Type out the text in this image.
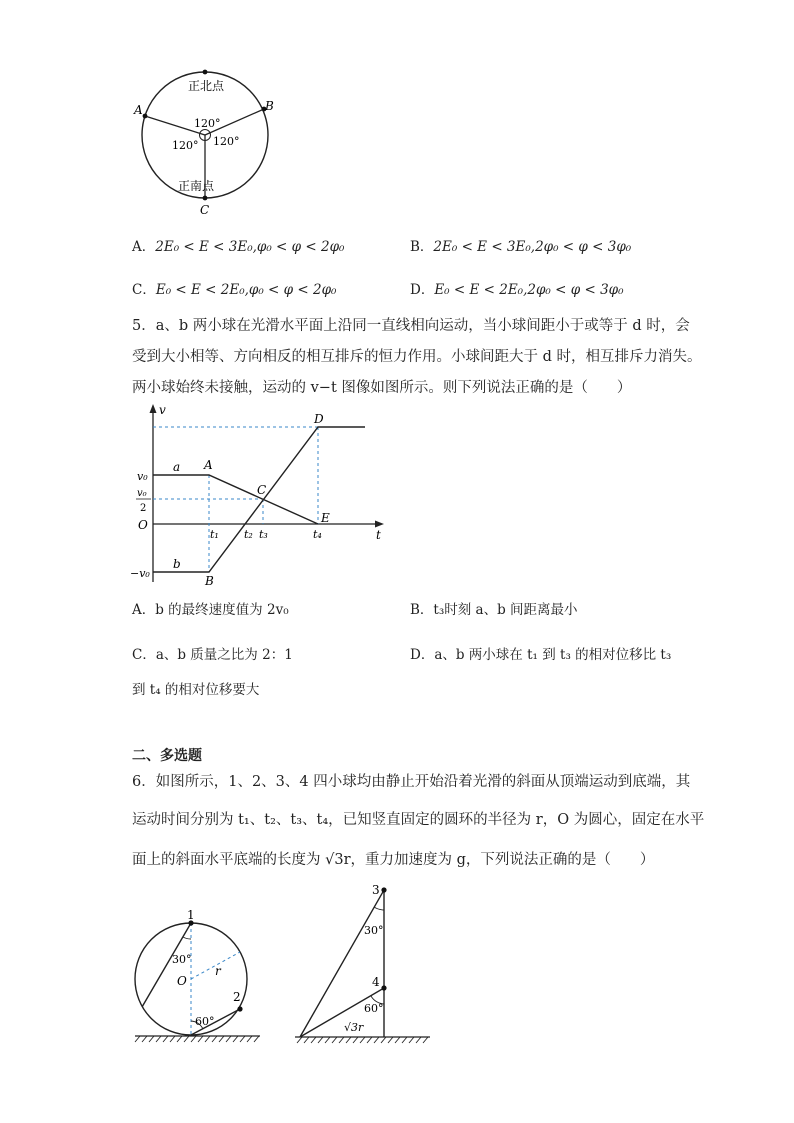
正北点
正南点
A	B
C
120°
120° 120°
A．2E₀ < E < 3E₀,φ₀ < φ < 2φ₀	B．2E₀ < E < 3E₀,2φ₀ < φ < 3φ₀
C．E₀ < E < 2E₀,φ₀ < φ < 2φ₀	D．E₀ < E < 2E₀,2φ₀ < φ < 3φ₀
5．a、b 两小球在光滑水平面上沿同一直线相向运动，当小球间距小于或等于 d 时，会
受到大小相等、方向相反的相互排斥的恒力作用。小球间距大于 d 时，相互排斥力消失。
两小球始终未接触，运动的 v−t 图像如图所示。则下列说法正确的是（　　）
v
t
O
v₀
v₀
2
−v₀
a
b
A
B
C
D
E
t₁ t₂ t₃	t₄
A．b 的最终速度值为 2v₀	B．t₃时刻 a、b 间距离最小
C．a、b 质量之比为 2：1	D．a、b 两小球在 t₁ 到 t₃ 的相对位移比 t₃
到 t₄ 的相对位移要大
二、多选题
6．如图所示，1、2、3、4 四小球均由静止开始沿着光滑的斜面从顶端运动到底端，其
运动时间分别为 t₁、t₂、t₃、t₄，已知竖直固定的圆环的半径为 r，O 为圆心，固定在水平
面上的斜面水平底端的长度为 √3r，重力加速度为 g，下列说法正确的是（　　）
1
2
O
r
30°
60°
3
4
30°
60°
√3r
